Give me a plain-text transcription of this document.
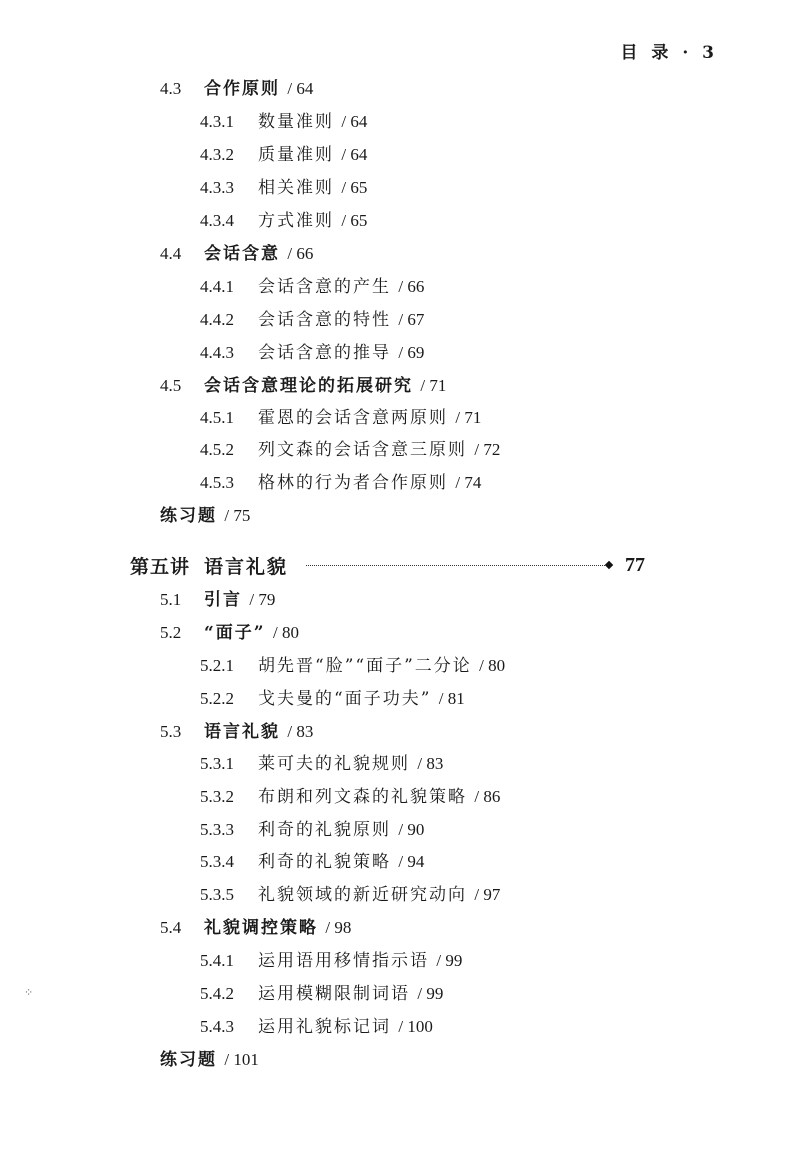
目 录 · 3
4.3 合作原则 / 64
4.3.1 数量准则 / 64
4.3.2 质量准则 / 64
4.3.3 相关准则 / 65
4.3.4 方式准则 / 65
4.4 会话含意 / 66
4.4.1 会话含意的产生 / 66
4.4.2 会话含意的特性 / 67
4.4.3 会话含意的推导 / 69
4.5 会话含意理论的拓展研究 / 71
4.5.1 霍恩的会话含意两原则 / 71
4.5.2 列文森的会话含意三原则 / 72
4.5.3 格林的行为者合作原则 / 74
练习题 / 75
第五讲 语言礼貌	77
5.1 引言 / 79
5.2 “面子” / 80
5.2.1 胡先晋“脸”“面子”二分论 / 80
5.2.2 戈夫曼的“面子功夫” / 81
5.3 语言礼貌 / 83
5.3.1 莱可夫的礼貌规则 / 83
5.3.2 布朗和列文森的礼貌策略 / 86
5.3.3 利奇的礼貌原则 / 90
5.3.4 利奇的礼貌策略 / 94
5.3.5 礼貌领域的新近研究动向 / 97
5.4 礼貌调控策略 / 98
5.4.1 运用语用移情指示语 / 99
5.4.2 运用模糊限制词语 / 99
5.4.3 运用礼貌标记词 / 100
练习题 / 101
⁘
